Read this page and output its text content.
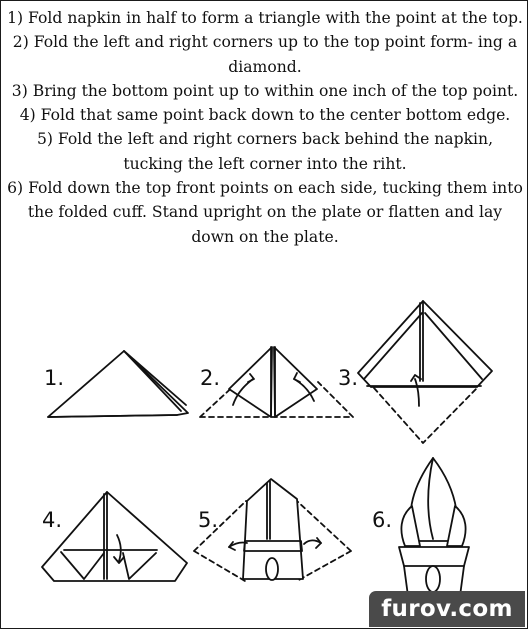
1) Fold napkin in half to form a triangle with the point at the top.
2) Fold the left and right corners up to the top point form- ing a diamond.
3) Bring the bottom point up to within one inch of the top point.
4) Fold that same point back down to the center bottom edge.
5) Fold the left and right corners back behind the napkin, tucking the left corner into the riht.
6) Fold down the top front points on each side, tucking them into the folded cuff. Stand upright on the plate or flatten and lay down on the plate.
1.	2.	3.
4.	5.	6.
furov.com
